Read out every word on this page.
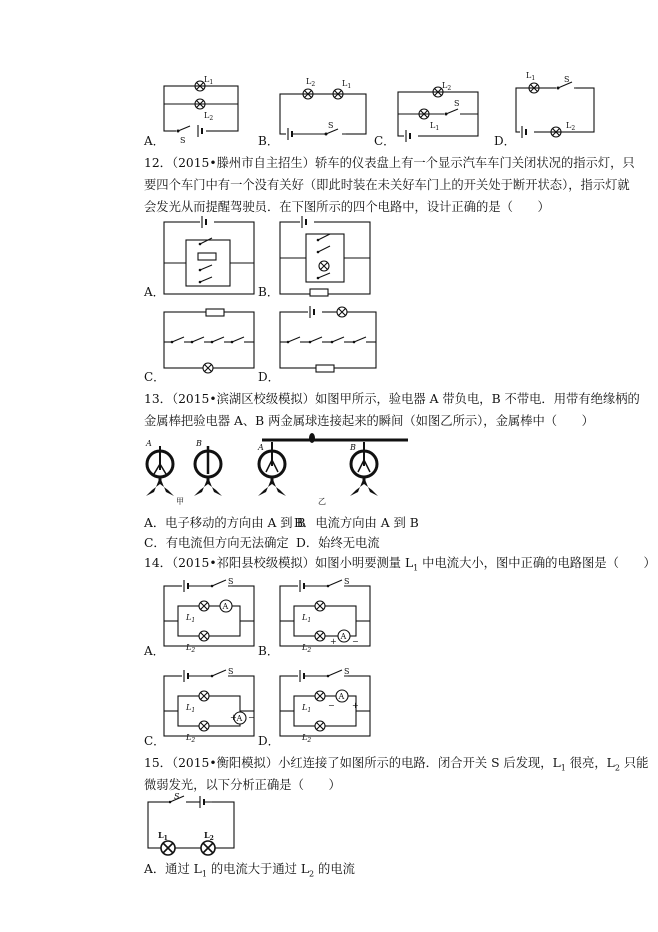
A．	B．	C．	D．
$L_1$
$L_2$
S
$L_2$	$L_1$
S
$L_2$
S
$L_1$
$L_1$	S
$L_2$
12．（2015•滕州市自主招生）轿车的仪表盘上有一个显示汽车车门关闭状况的指示灯，只
要四个车门中有一个没有关好（即此时装在未关好车门上的开关处于断开状态），指示灯就
会发光从而提醒驾驶员．在下图所示的四个电路中，设计正确的是（　　）
A．	B．
C．	D．
13．（2015•滨湖区校级模拟）如图甲所示，验电器 A 带负电，B 不带电．用带有绝缘柄的
金属棒把验电器 A、B 两金属球连接起来的瞬间（如图乙所示），金属棒中（　　）
A	B
甲
A	B
乙
A．电子移动的方向由 A 到 B
B．电流方向由 A 到 B
C．有电流但方向无法确定 D．始终无电流
14．（2015•祁阳县校级模拟）如图小明要测量 $L_1$ 中电流大小，图中正确的电路图是（　　）
A．	B．
C．	D．
A
S
$L_1$
$L_2$
A
+ −
S
$L_1$
$L_2$
A
+ −
S
$L_1$
$L_2$
A
− +
S
$L_1$
$L_2$
15．（2015•衡阳模拟）小红连接了如图所示的电路．闭合开关 S 后发现，$L_1$ 很亮，$L_2$ 只能
微弱发光，以下分析正确是（　　）
S
$L_1$	$L_2$
A．通过 $L_1$ 的电流大于通过 $L_2$ 的电流
